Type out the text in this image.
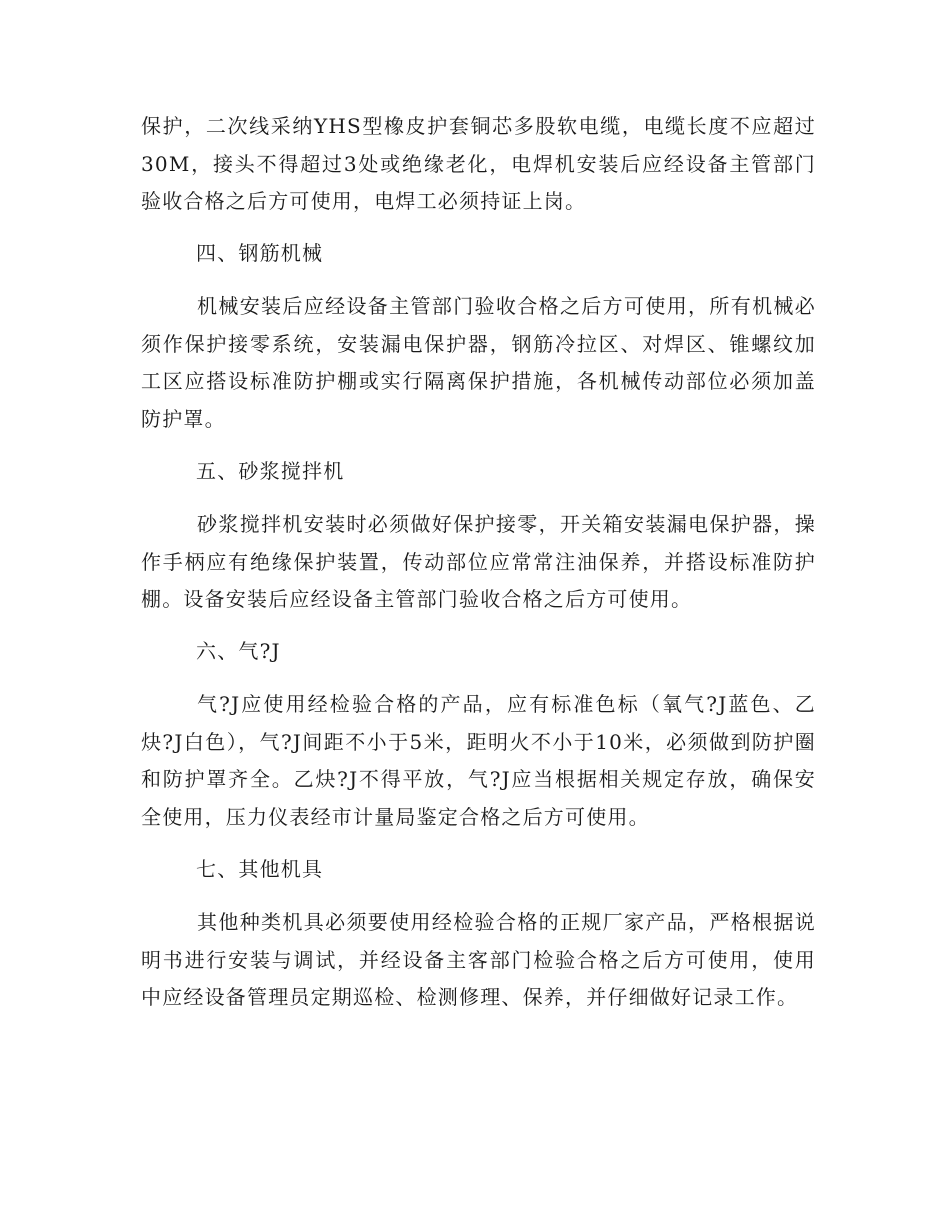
保护，二次线采纳YHS型橡皮护套铜芯多股软电缆，电缆长度不应超过30M，接头不得超过3处或绝缘老化，电焊机安装后应经设备主管部门验收合格之后方可使用，电焊工必须持证上岗。

四、钢筋机械

机械安装后应经设备主管部门验收合格之后方可使用，所有机械必须作保护接零系统，安装漏电保护器，钢筋冷拉区、对焊区、锥螺纹加工区应搭设标准防护棚或实行隔离保护措施，各机械传动部位必须加盖防护罩。

五、砂浆搅拌机

砂浆搅拌机安装时必须做好保护接零，开关箱安装漏电保护器，操作手柄应有绝缘保护装置，传动部位应常常注油保养，并搭设标准防护棚。设备安装后应经设备主管部门验收合格之后方可使用。

六、气?J

气?J应使用经检验合格的产品，应有标准色标（氧气?J蓝色、乙炔?J白色），气?J间距不小于5米，距明火不小于10米，必须做到防护圈和防护罩齐全。乙炔?J不得平放，气?J应当根据相关规定存放，确保安全使用，压力仪表经市计量局鉴定合格之后方可使用。

七、其他机具

其他种类机具必须要使用经检验合格的正规厂家产品，严格根据说明书进行安装与调试，并经设备主客部门检验合格之后方可使用，使用中应经设备管理员定期巡检、检测修理、保养，并仔细做好记录工作。
